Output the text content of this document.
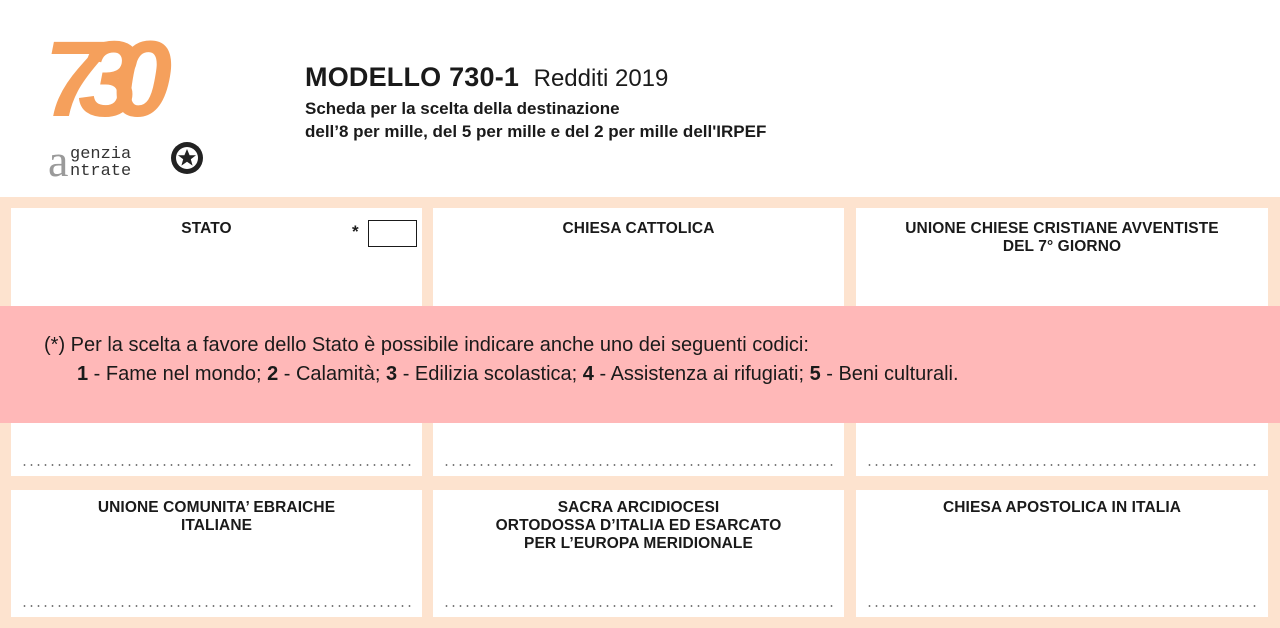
730
a genzia
ntrate
MODELLO 730-1 Redditi 2019
Scheda per la scelta della destinazione
dell’8 per mille, del 5 per mille e del 2 per mille dell'IRPEF
STATO	*	CHIESA CATTOLICA	UNIONE CHIESE CRISTIANE AVVENTISTE
DEL 7° GIORNO
UNIONE COMUNITA’ EBRAICHE
ITALIANE
SACRA ARCIDIOCESI
ORTODOSSA D’ITALIA ED ESARCATO
PER L’EUROPA MERIDIONALE
CHIESA APOSTOLICA IN ITALIA
(*) Per la scelta a favore dello Stato è possibile indicare anche uno dei seguenti codici:
1 - Fame nel mondo; 2 - Calamità; 3 - Edilizia scolastica; 4 - Assistenza ai rifugiati; 5 - Beni culturali.
